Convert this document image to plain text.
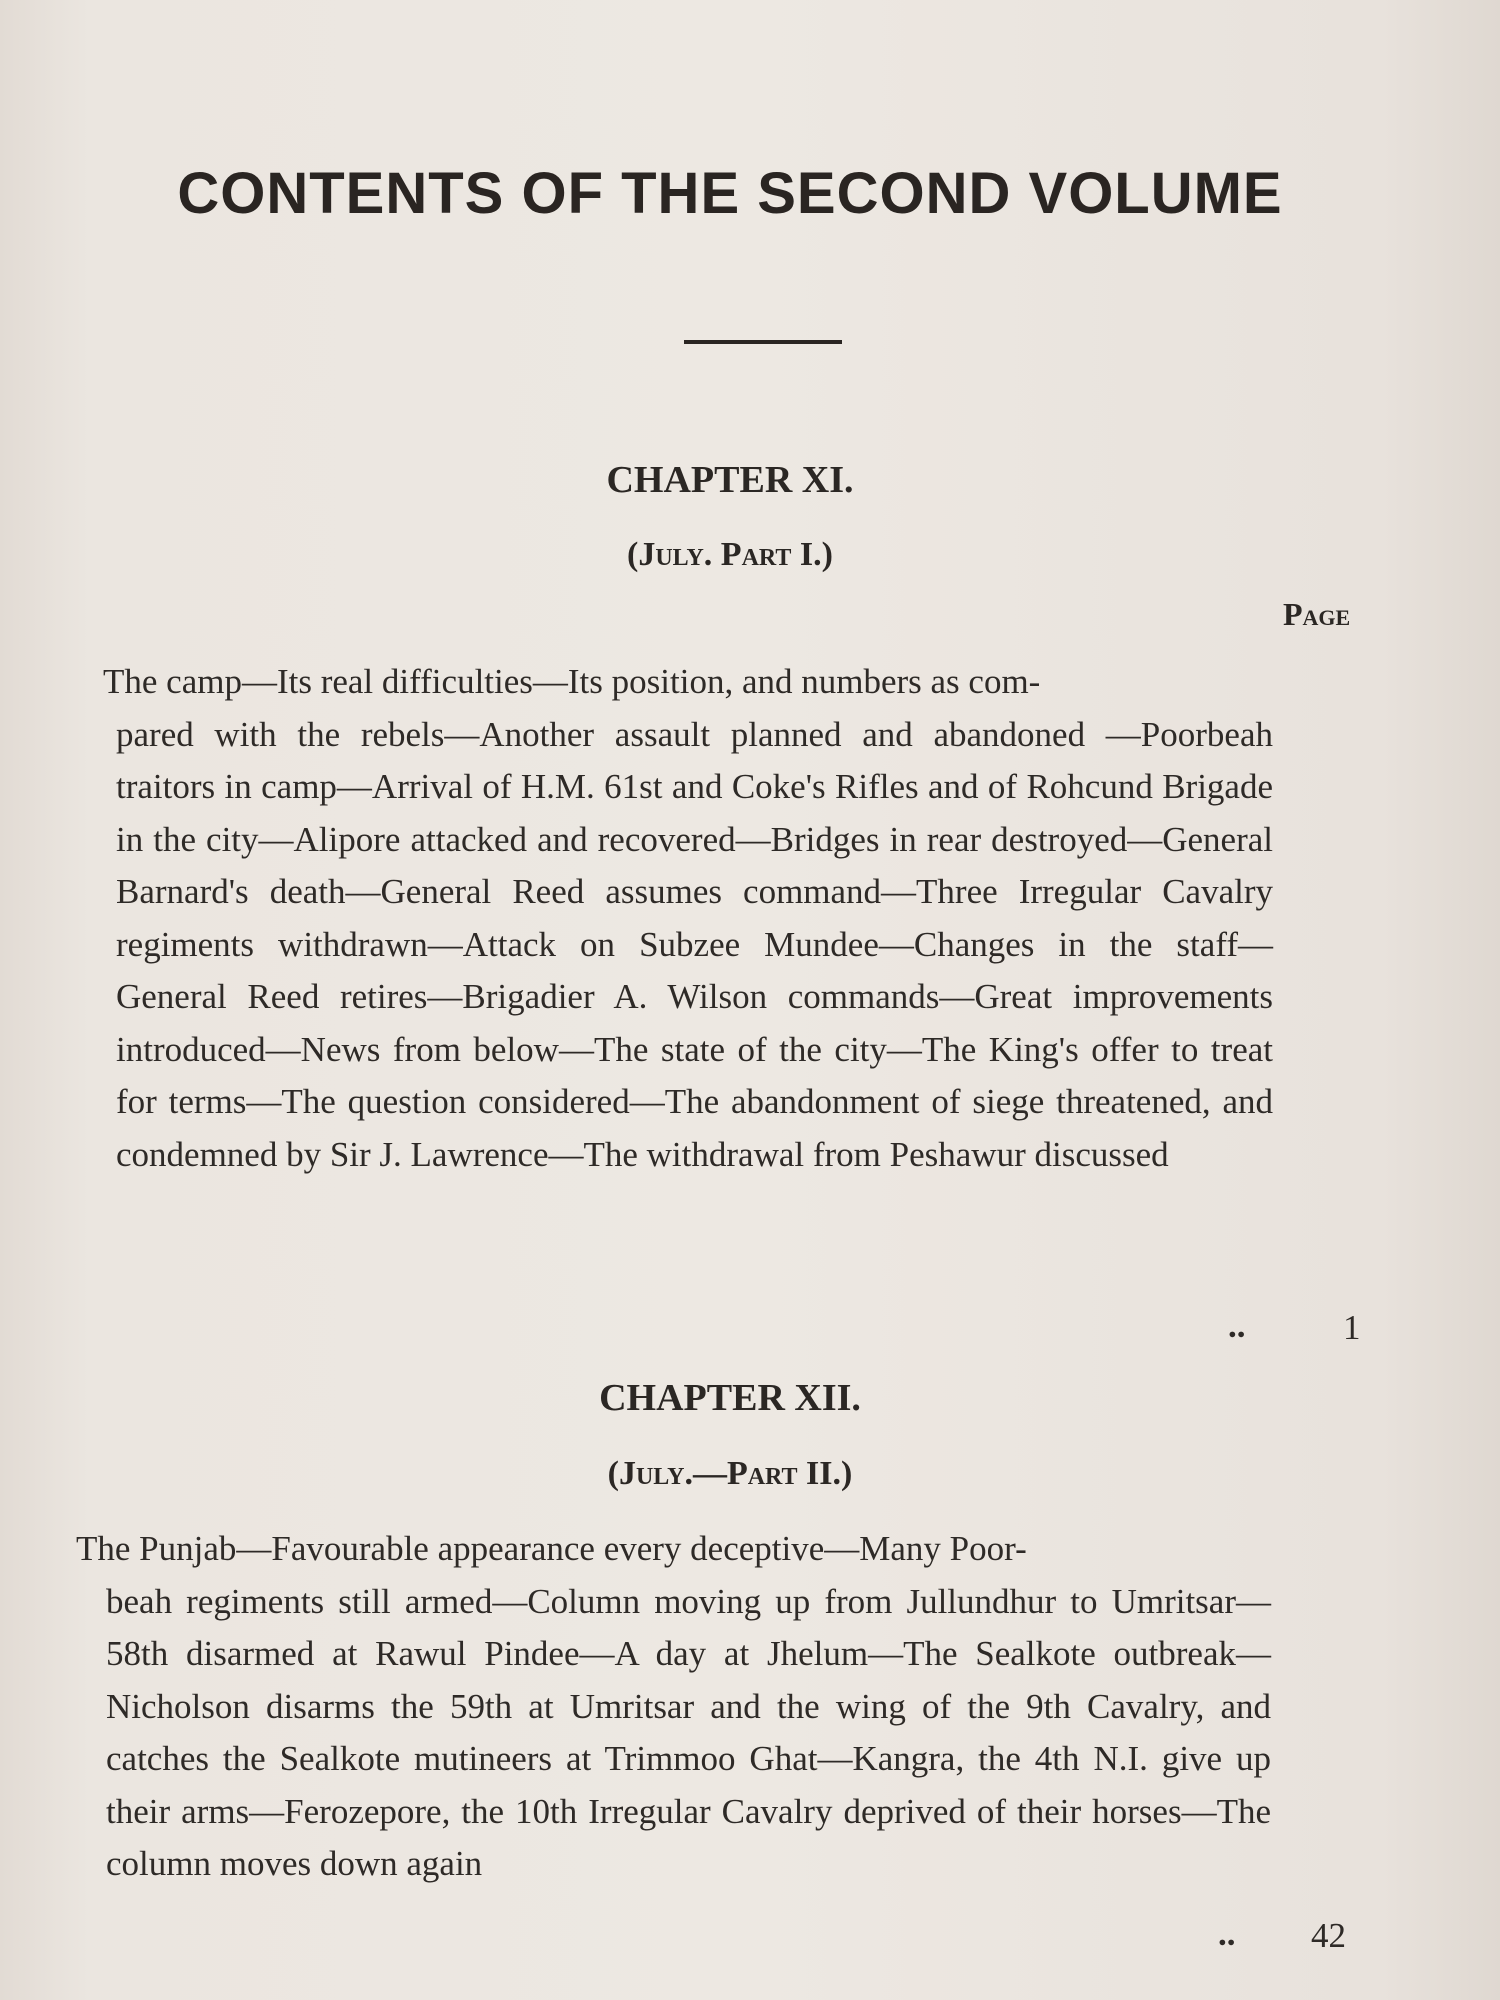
CONTENTS OF THE SECOND VOLUME
CHAPTER XI.
(July. Part I.)
Page
The camp—Its real difficulties—Its position, and numbers as com-
pared with the rebels—Another assault planned and abandoned —Poorbeah traitors in camp—Arrival of H.M. 61st and Coke's Rifles and of Rohcund Brigade in the city—Alipore attacked and recovered—Bridges in rear destroyed—General Barnard's death—General Reed assumes command—Three Irregular Cavalry regiments withdrawn—Attack on Subzee Mundee—Changes in the staff—General Reed retires—Brigadier A. Wilson commands—Great improvements introduced—News from below—The state of the city—The King's offer to treat for terms—The question considered—The abandonment of siege threatened, and condemned by Sir J. Lawrence—The withdrawal from Peshawur discussed
..	1
CHAPTER XII.
(July.—Part II.)
The Punjab—Favourable appearance every deceptive—Many Poor-
beah regiments still armed—Column moving up from Jullundhur to Umritsar—58th disarmed at Rawul Pindee—A day at Jhelum—The Sealkote outbreak—Nicholson disarms the 59th at Umritsar and the wing of the 9th Cavalry, and catches the Sealkote mutineers at Trimmoo Ghat—Kangra, the 4th N.I. give up their arms—Ferozepore, the 10th Irregular Cavalry deprived of their horses—The column moves down again
.. 42
